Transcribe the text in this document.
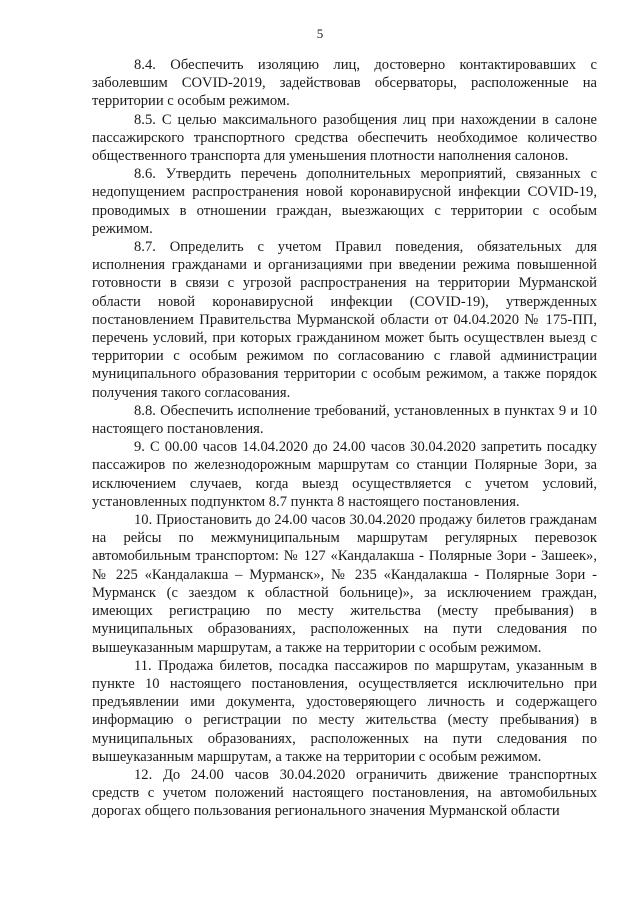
5

8.4. Обеспечить изоляцию лиц, достоверно контактировавших с заболевшим COVID-2019, задействовав обсерваторы, расположенные на территории с особым режимом.

8.5. С целью максимального разобщения лиц при нахождении в салоне пассажирского транспортного средства обеспечить необходимое количество общественного транспорта для уменьшения плотности наполнения салонов.

8.6. Утвердить перечень дополнительных мероприятий, связанных с недопущением распространения новой коронавирусной инфекции COVID-19, проводимых в отношении граждан, выезжающих с территории с особым режимом.

8.7. Определить с учетом Правил поведения, обязательных для исполнения гражданами и организациями при введении режима повышенной готовности в связи с угрозой распространения на территории Мурманской области новой коронавирусной инфекции (COVID-19), утвержденных постановлением Правительства Мурманской области от 04.04.2020 № 175-ПП, перечень условий, при которых гражданином может быть осуществлен выезд с территории с особым режимом по согласованию с главой администрации муниципального образования территории с особым режимом, а также порядок получения такого согласования.

8.8. Обеспечить исполнение требований, установленных в пунктах 9 и 10 настоящего постановления.

9. С 00.00 часов 14.04.2020 до 24.00 часов 30.04.2020 запретить посадку пассажиров по железнодорожным маршрутам со станции Полярные Зори, за исключением случаев, когда выезд осуществляется с учетом условий, установленных подпунктом 8.7 пункта 8 настоящего постановления.

10. Приостановить до 24.00 часов 30.04.2020 продажу билетов гражданам на рейсы по межмуниципальным маршрутам регулярных перевозок автомобильным транспортом: № 127 «Кандалакша - Полярные Зори - Зашеек», № 225 «Кандалакша – Мурманск», № 235 «Кандалакша - Полярные Зори - Мурманск (с заездом к областной больнице)», за исключением граждан, имеющих регистрацию по месту жительства (месту пребывания) в муниципальных образованиях, расположенных на пути следования по вышеуказанным маршрутам, а также на территории с особым режимом.

11. Продажа билетов, посадка пассажиров по маршрутам, указанным в пункте 10 настоящего постановления, осуществляется исключительно при предъявлении ими документа, удостоверяющего личность и содержащего информацию о регистрации по месту жительства (месту пребывания) в муниципальных образованиях, расположенных на пути следования по вышеуказанным маршрутам, а также на территории с особым режимом.

12. До 24.00 часов 30.04.2020 ограничить движение транспортных средств с учетом положений настоящего постановления, на автомобильных дорогах общего пользования регионального значения Мурманской области
